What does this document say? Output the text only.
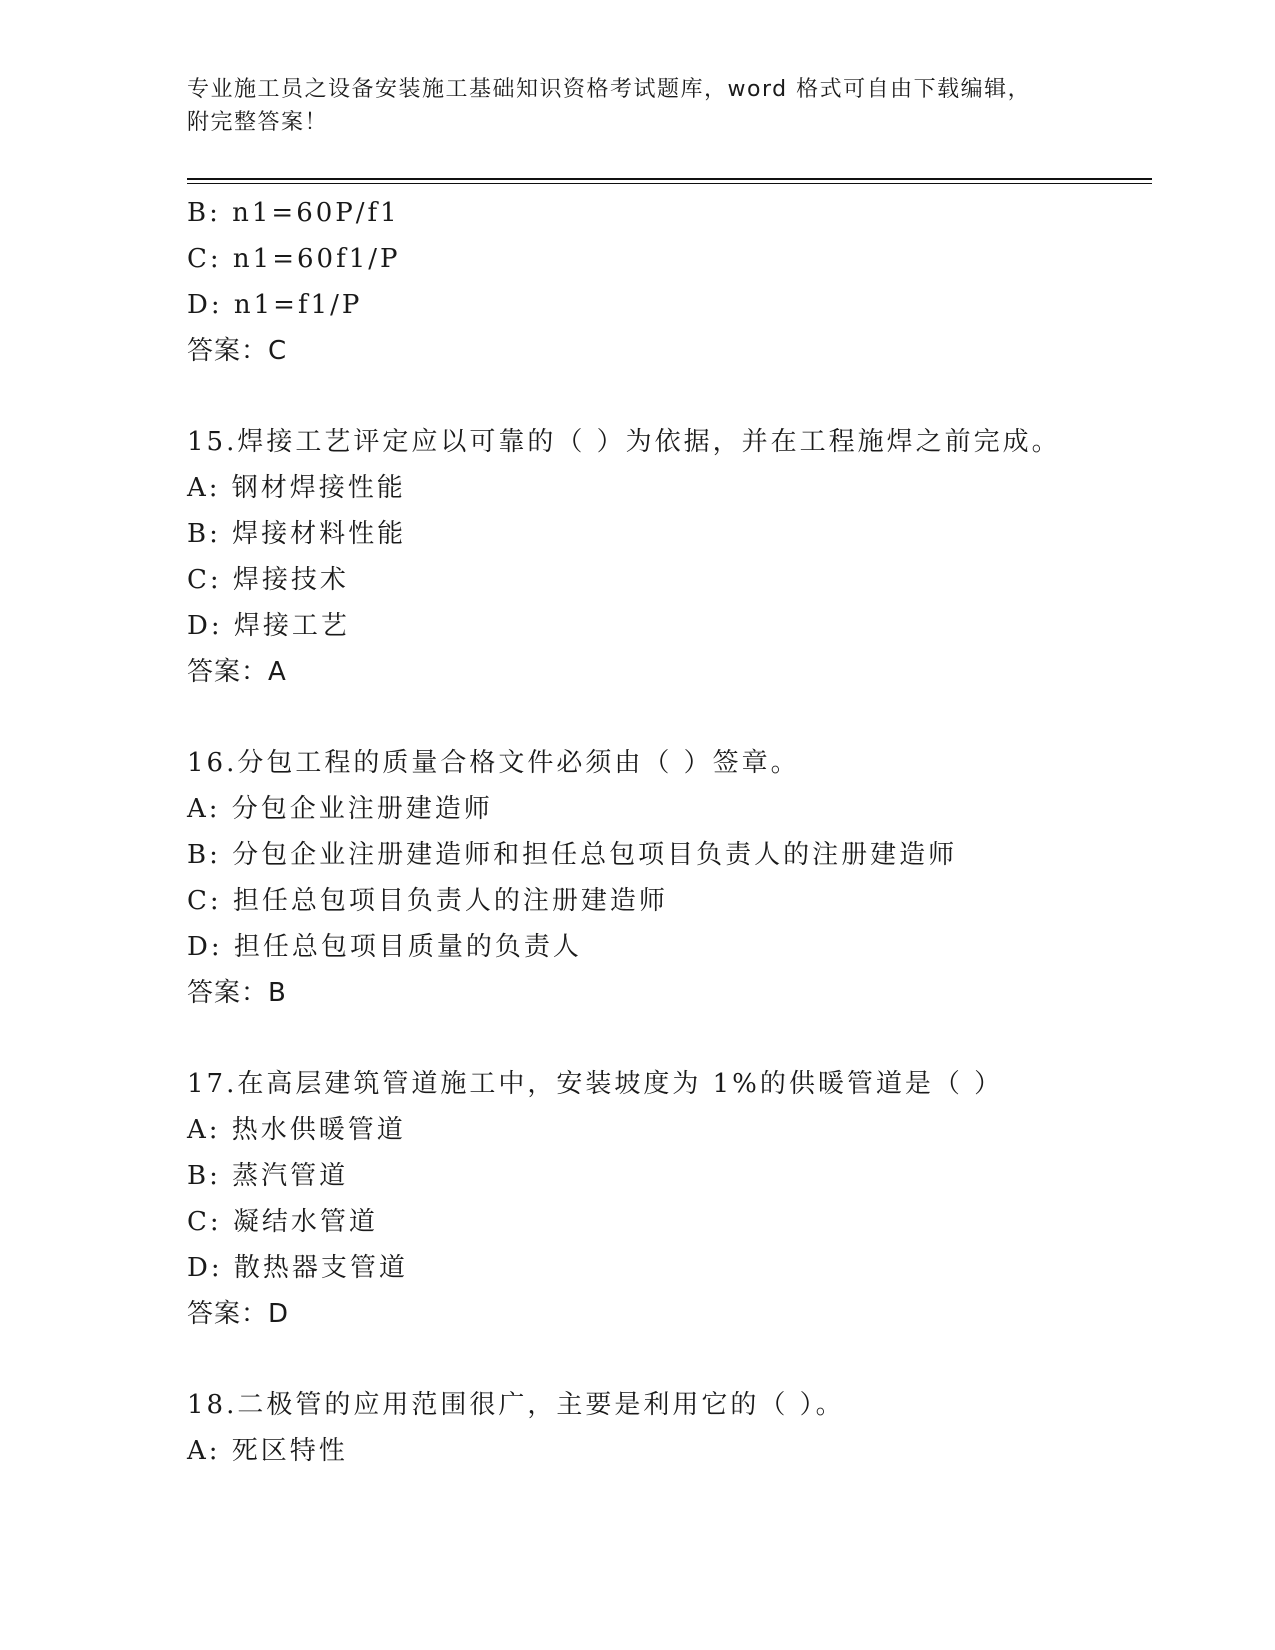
专业施工员之设备安装施工基础知识资格考试题库，word 格式可自由下载编辑，
附完整答案！
B: n1=60P/f1
C: n1=60f1/P
D: n1=f1/P
答案：C
15.焊接工艺评定应以可靠的（ ）为依据，并在工程施焊之前完成。
A: 钢材焊接性能
B: 焊接材料性能
C: 焊接技术
D: 焊接工艺
答案：A
16.分包工程的质量合格文件必须由（ ）签章。
A: 分包企业注册建造师
B: 分包企业注册建造师和担任总包项目负责人的注册建造师
C: 担任总包项目负责人的注册建造师
D: 担任总包项目质量的负责人
答案：B
17.在高层建筑管道施工中，安装坡度为 1%的供暖管道是（ ）
A: 热水供暖管道
B: 蒸汽管道
C: 凝结水管道
D: 散热器支管道
答案：D
18.二极管的应用范围很广，主要是利用它的（ ）。
A: 死区特性
